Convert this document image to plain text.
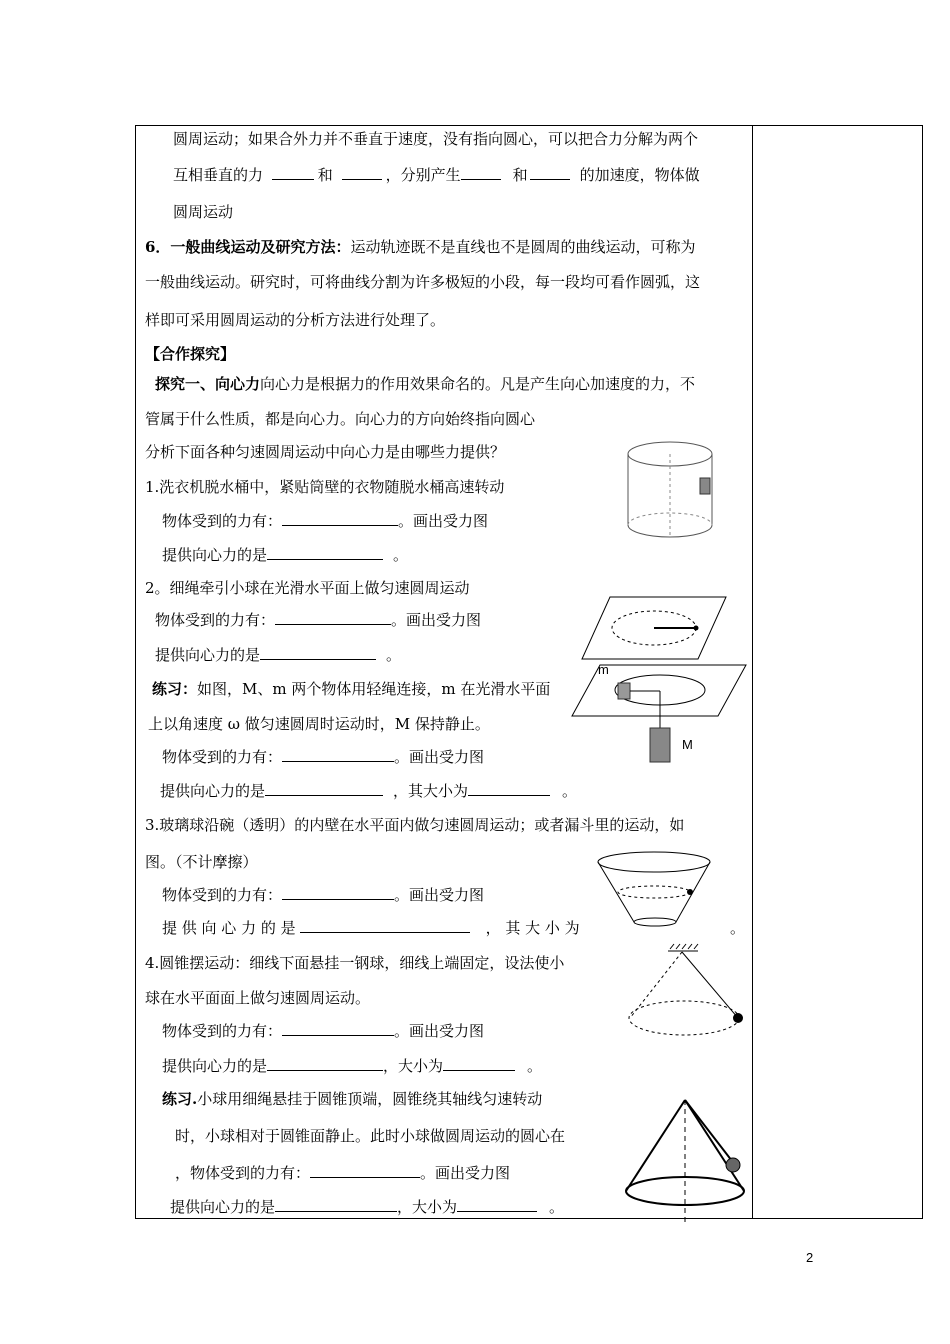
圆周运动；如果合外力并不垂直于速度，没有指向圆心，可以把合力分解为两个
互相垂直的力	和	，分别产生	和	的加速度，物体做
圆周运动
6．一般曲线运动及研究方法：运动轨迹既不是直线也不是圆周的曲线运动，可称为
一般曲线运动。研究时，可将曲线分割为许多极短的小段，每一段均可看作圆弧，这
样即可采用圆周运动的分析方法进行处理了。
【合作探究】
探究一、向心力向心力是根据力的作用效果命名的。凡是产生向心加速度的力，不
管属于什么性质，都是向心力。向心力的方向始终指向圆心
分析下面各种匀速圆周运动中向心力是由哪些力提供？
1.洗衣机脱水桶中，紧贴筒壁的衣物随脱水桶高速转动
物体受到的力有：	。画出受力图
提供向心力的是	。
2。细绳牵引小球在光滑水平面上做匀速圆周运动
物体受到的力有：	。画出受力图
提供向心力的是	。
练习：如图，M、m 两个物体用轻绳连接，m 在光滑水平面
上以角速度 ω 做匀速圆周时运动时，M 保持静止。
物体受到的力有：	。画出受力图
提供向心力的是	，其大小为	。
3.玻璃球沿碗（透明）的内壁在水平面内做匀速圆周运动；或者漏斗里的运动，如
图。（不计摩擦）
物体受到的力有：	。画出受力图
提 供 向 心 力 的 是	， 其 大 小 为	。
4.圆锥摆运动：细线下面悬挂一钢球，细线上端固定，设法使小
球在水平面面上做匀速圆周运动。
物体受到的力有：	。画出受力图
提供向心力的是	，大小为	。
练习.小球用细绳悬挂于圆锥顶端，圆锥绕其轴线匀速转动
时，小球相对于圆锥面静止。此时小球做圆周运动的圆心在
，物体受到的力有：	。画出受力图
提供向心力的是	，大小为	。
m
M
2
